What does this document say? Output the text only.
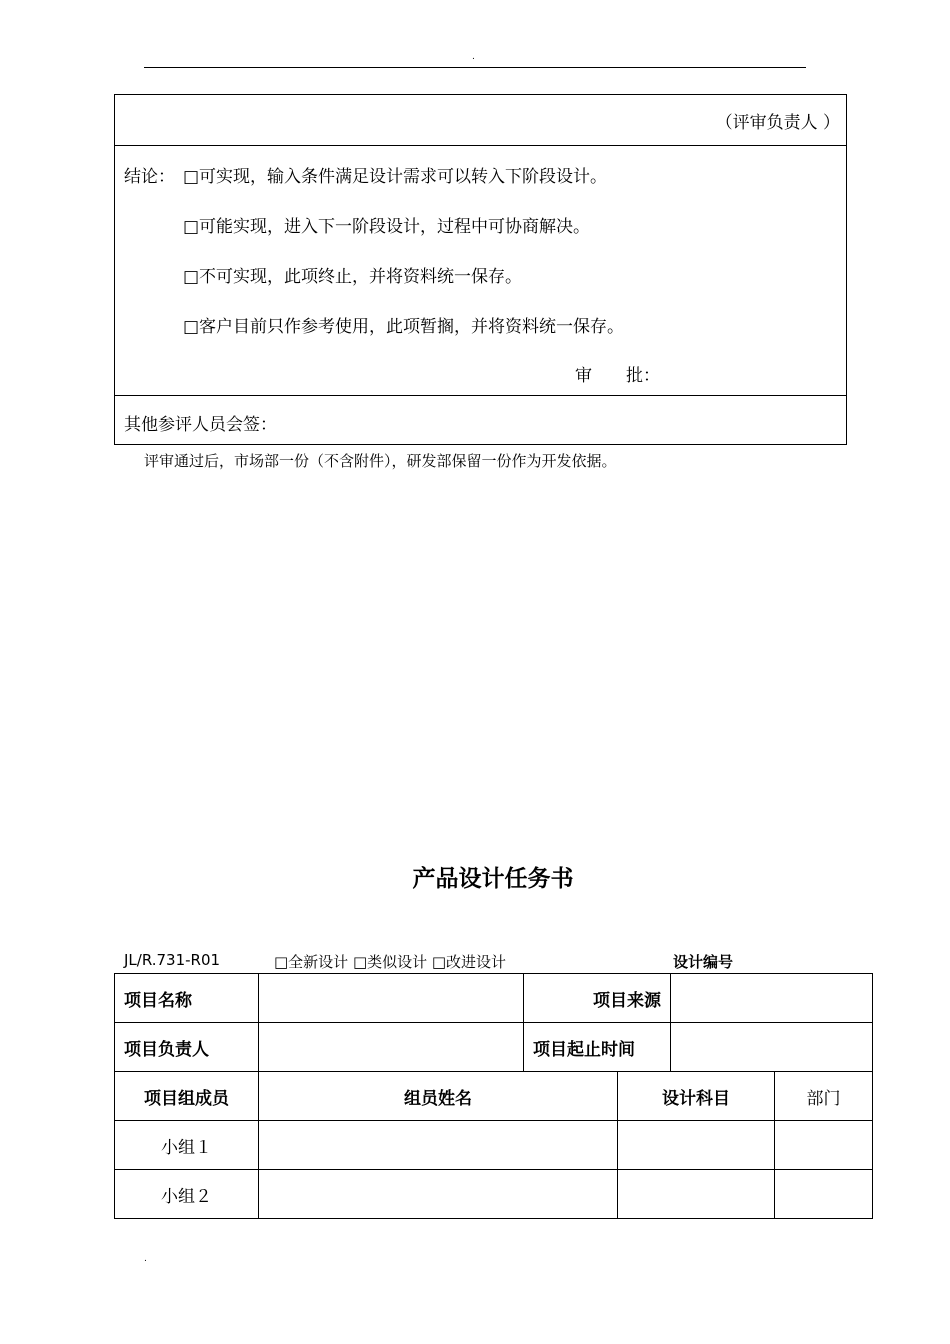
.
（评审负责人 ）
结论： □可实现，输入条件满足设计需求可以转入下阶段设计。
□可能实现，进入下一阶段设计，过程中可协商解决。
□不可实现，此项终止，并将资料统一保存。
□客户目前只作参考使用，此项暂搁，并将资料统一保存。
审　　批：
其他参评人员会签：
评审通过后，市场部一份（不含附件），研发部保留一份作为开发依据。
产品设计任务书
JL/R.731-R01	□全新设计 □类似设计 □改进设计	设计编号
项目名称		项目来源			
项目负责人		项目起止时间			
项目组成员	组员姓名		设计科目		部门
小组１					
小组２					
.
